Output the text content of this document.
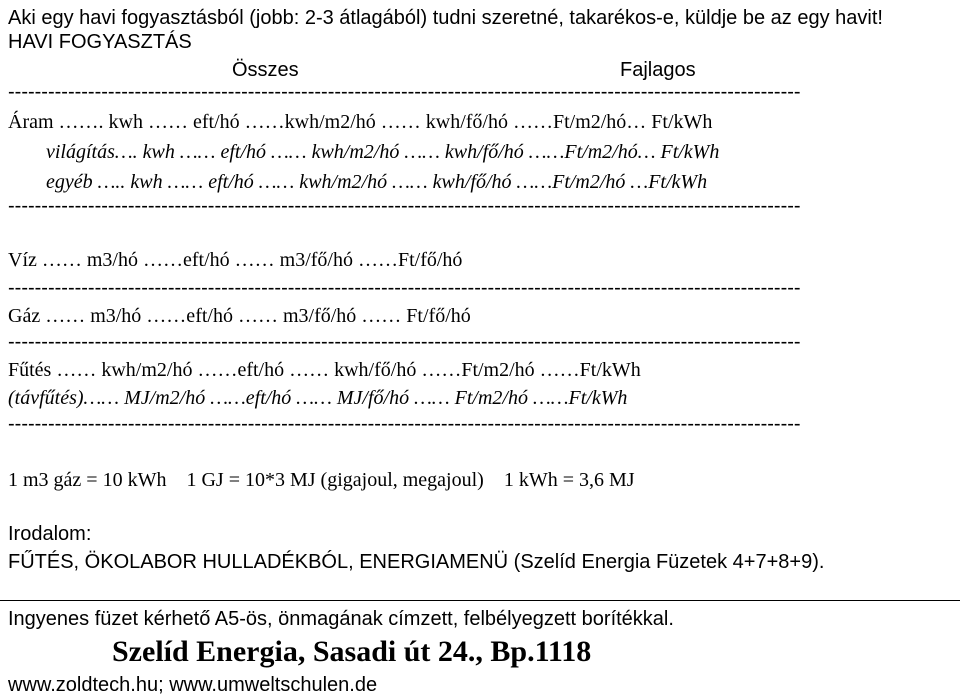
Aki egy havi fogyasztásból (jobb: 2-3 átlagából) tudni szeretné, takarékos-e, küldje be az egy havit!
HAVI FOGYASZTÁS
Összes	Fajlagos
-----------------------------------------------------------------------------------------------------------------------
Áram ……. kwh …… eft/hó ……kwh/m2/hó …… kwh/fő/hó ……Ft/m2/hó… Ft/kWh
világítás…. kwh …… eft/hó …… kwh/m2/hó …… kwh/fő/hó ……Ft/m2/hó… Ft/kWh
egyéb ….. kwh …… eft/hó …… kwh/m2/hó …… kwh/fő/hó ……Ft/m2/hó …Ft/kWh
-----------------------------------------------------------------------------------------------------------------------
Víz …… m3/hó ……eft/hó …… m3/fő/hó ……Ft/fő/hó
-----------------------------------------------------------------------------------------------------------------------
Gáz …… m3/hó ……eft/hó …… m3/fő/hó …… Ft/fő/hó
-----------------------------------------------------------------------------------------------------------------------
Fűtés …… kwh/m2/hó ……eft/hó …… kwh/fő/hó ……Ft/m2/hó ……Ft/kWh
(távfűtés)…… MJ/m2/hó ……eft/hó …… MJ/fő/hó …… Ft/m2/hó ……Ft/kWh
-----------------------------------------------------------------------------------------------------------------------
1 m3 gáz = 10 kWh    1 GJ = 10*3 MJ (gigajoul, megajoul)    1 kWh = 3,6 MJ
Irodalom:
FŰTÉS, ÖKOLABOR HULLADÉKBÓL, ENERGIAMENÜ (Szelíd Energia Füzetek 4+7+8+9).
Ingyenes füzet kérhető A5-ös, önmagának címzett, felbélyegzett borítékkal.
Szelíd Energia, Sasadi út 24., Bp.1118
www.zoldtech.hu; www.umweltschulen.de
